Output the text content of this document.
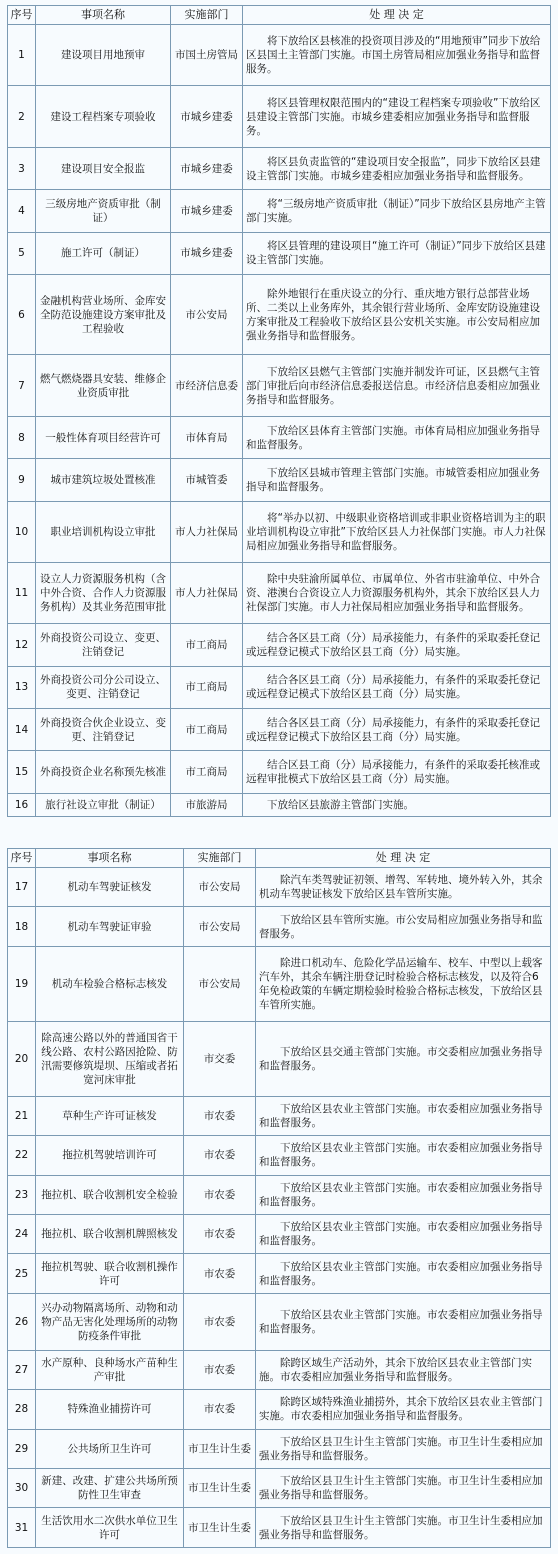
序号	事项名称	实施部门	处 理 决 定
1	建设项目用地预审	市国土房管局	将下放给区县核准的投资项目涉及的“用地预审”同步下放给区县国土主管部门实施。市国土房管局相应加强业务指导和监督服务。
2	建设工程档案专项验收	市城乡建委	将区县管理权限范围内的“建设工程档案专项验收”下放给区县建设主管部门实施。市城乡建委相应加强业务指导和监督服务。
3	建设项目安全报监	市城乡建委	将区县负责监管的“建设项目安全报监”，同步下放给区县建设主管部门实施。市城乡建委相应加强业务指导和监督服务。
4	三级房地产资质审批（制证）	市城乡建委	将“三级房地产资质审批（制证）”同步下放给区县房地产主管部门实施。
5	施工许可（制证）	市城乡建委	将区县管理的建设项目“施工许可（制证）”同步下放给区县建设主管部门实施。
6	金融机构营业场所、金库安全防范设施建设方案审批及工程验收	市公安局	除外地银行在重庆设立的分行、重庆地方银行总部营业场所、二类以上业务库外，其余银行营业场所、金库安防设施建设方案审批及工程验收下放给区县公安机关实施。市公安局相应加强业务指导和监督服务。
7	燃气燃烧器具安装、维修企业资质审批	市经济信息委	下放给区县燃气主管部门实施并制发许可证，区县燃气主管部门审批后向市经济信息委报送信息。市经济信息委相应加强业务指导和监督服务。
8	一般性体育项目经营许可	市体育局	下放给区县体育主管部门实施。市体育局相应加强业务指导和监督服务。
9	城市建筑垃圾处置核准	市城管委	下放给区县城市管理主管部门实施。市城管委相应加强业务指导和监督服务。
10	职业培训机构设立审批	市人力社保局	将“举办以初、中级职业资格培训或非职业资格培训为主的职业培训机构设立审批”下放给区县人力社保部门实施。市人力社保局相应加强业务指导和监督服务。
11	设立人力资源服务机构（含中外合资、合作人力资源服务机构）及其业务范围审批	市人力社保局	除中央驻渝所属单位、市属单位、外省市驻渝单位、中外合资、港澳台合资设立人力资源服务机构外，其余下放给区县人力社保部门实施。市人力社保局相应加强业务指导和监督服务。
12	外商投资公司设立、变更、注销登记	市工商局	结合各区县工商（分）局承接能力，有条件的采取委托登记或远程登记模式下放给区县工商（分）局实施。
13	外商投资公司分公司设立、变更、注销登记	市工商局	结合各区县工商（分）局承接能力，有条件的采取委托登记或远程登记模式下放给区县工商（分）局实施。
14	外商投资合伙企业设立、变更、注销登记	市工商局	结合各区县工商（分）局承接能力，有条件的采取委托登记或远程登记模式下放给区县工商（分）局实施。
15	外商投资企业名称预先核准	市工商局	结合区县工商（分）局承接能力，有条件的采取委托核准或远程审批模式下放给区县工商（分）局实施。
16	旅行社设立审批（制证）	市旅游局	下放给区县旅游主管部门实施。
序号	事项名称	实施部门	处 理 决 定
17	机动车驾驶证核发	市公安局	除汽车类驾驶证初领、增驾、军转地、境外转入外，其余机动车驾驶证核发下放给区县车管所实施。
18	机动车驾驶证审验	市公安局	下放给区县车管所实施。市公安局相应加强业务指导和监督服务。
19	机动车检验合格标志核发	市公安局	除进口机动车、危险化学品运输车、校车、中型以上载客汽车外，其余车辆注册登记时检验合格标志核发，以及符合6年免检政策的车辆定期检验时检验合格标志核发，下放给区县车管所实施。
20	除高速公路以外的普通国省干线公路、农村公路因抢险、防汛需要修筑堤坝、压缩或者拓宽河床审批	市交委	下放给区县交通主管部门实施。市交委相应加强业务指导和监督服务。
21	草种生产许可证核发	市农委	下放给区县农业主管部门实施。市农委相应加强业务指导和监督服务。
22	拖拉机驾驶培训许可	市农委	下放给区县农业主管部门实施。市农委相应加强业务指导和监督服务。
23	拖拉机、联合收割机安全检验	市农委	下放给区县农业主管部门实施。市农委相应加强业务指导和监督服务。
24	拖拉机、联合收割机牌照核发	市农委	下放给区县农业主管部门实施。市农委相应加强业务指导和监督服务。
25	拖拉机驾驶、联合收割机操作许可	市农委	下放给区县农业主管部门实施。市农委相应加强业务指导和监督服务。
26	兴办动物隔离场所、动物和动物产品无害化处理场所的动物防疫条件审批	市农委	下放给区县农业主管部门实施。市农委相应加强业务指导和监督服务。
27	水产原种、良种场水产苗种生产审批	市农委	除跨区域生产活动外，其余下放给区县农业主管部门实施。市农委相应加强业务指导和监督服务。
28	特殊渔业捕捞许可	市农委	除跨区域特殊渔业捕捞外，其余下放给区县农业主管部门实施。市农委相应加强业务指导和监督服务。
29	公共场所卫生许可	市卫生计生委	下放给区县卫生计生主管部门实施。市卫生计生委相应加强业务指导和监督服务。
30	新建、改建、扩建公共场所预防性卫生审查	市卫生计生委	下放给区县卫生计生主管部门实施。市卫生计生委相应加强业务指导和监督服务。
31	生活饮用水二次供水单位卫生许可	市卫生计生委	下放给区县卫生计生主管部门实施。市卫生计生委相应加强业务指导和监督服务。
